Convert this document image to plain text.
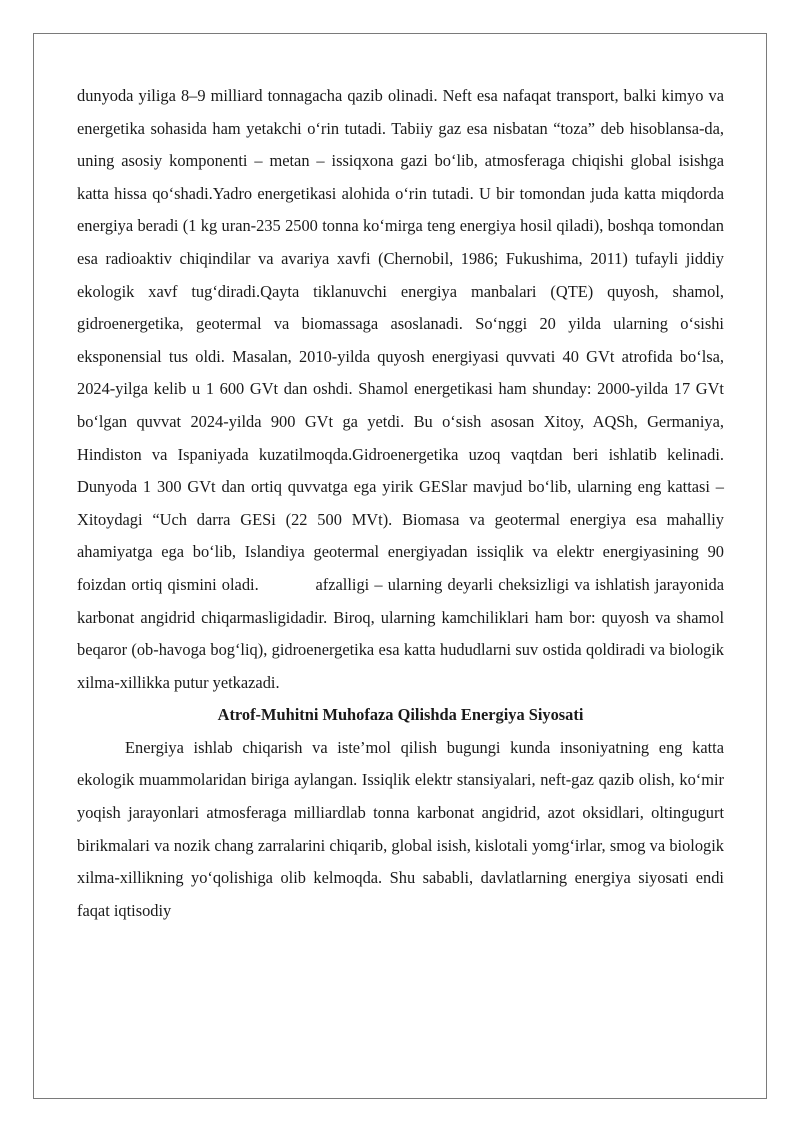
dunyoda yiliga 8–9 milliard tonnagacha qazib olinadi. Neft esa nafaqat transport, balki kimyo va energetika sohasida ham yetakchi o‘rin tutadi. Tabiiy gaz esa nisbatan “toza” deb hisoblansa-da, uning asosiy komponenti – metan – issiqxona gazi bo‘lib, atmosferaga chiqishi global isishga katta hissa qo‘shadi.Yadro energetikasi alohida o‘rin tutadi. U bir tomondan juda katta miqdorda energiya beradi (1 kg uran-235 2500 tonna ko‘mirga teng energiya hosil qiladi), boshqa tomondan esa radioaktiv chiqindilar va avariya xavfi (Chernobil, 1986; Fukushima, 2011) tufayli jiddiy ekologik xavf tug‘diradi.Qayta tiklanuvchi energiya manbalari (QTE) quyosh, shamol, gidroenergetika, geotermal va biomassaga asoslanadi. So‘nggi 20 yilda ularning o‘sishi eksponensial tus oldi. Masalan, 2010-yilda quyosh energiyasi quvvati 40 GVt atrofida bo‘lsa, 2024-yilga kelib u 1 600 GVt dan oshdi. Shamol energetikasi ham shunday: 2000-yilda 17 GVt bo‘lgan quvvat 2024-yilda 900 GVt ga yetdi. Bu o‘sish asosan Xitoy, AQSh, Germaniya, Hindiston va Ispaniyada kuzatilmoqda.Gidroenergetika uzoq vaqtdan beri ishlatib kelinadi. Dunyoda 1 300 GVt dan ortiq quvvatga ega yirik GESlar mavjud bo‘lib, ularning eng kattasi – Xitoydagi “Uch darra GESi (22 500 MVt). Biomasa va geotermal energiya esa mahalliy ahamiyatga ega bo‘lib, Islandiya geotermal energiyadan issiqlik va elektr energiyasining 90 foizdan ortiq qismini oladi.           afzalligi – ularning deyarli cheksizligi va ishlatish jarayonida karbonat angidrid chiqarmasligidadir. Biroq, ularning kamchiliklari ham bor: quyosh va shamol beqaror (ob-havoga bog‘liq), gidroenergetika esa katta hududlarni suv ostida qoldiradi va biologik xilma-xillikka putur yetkazadi.

Atrof-Muhitni Muhofaza Qilishda Energiya Siyosati

Energiya ishlab chiqarish va iste’mol qilish bugungi kunda insoniyatning eng katta ekologik muammolaridan biriga aylangan. Issiqlik elektr stansiyalari, neft-gaz qazib olish, ko‘mir yoqish jarayonlari atmosferaga milliardlab tonna karbonat angidrid, azot oksidlari, oltingugurt birikmalari va nozik chang zarralarini chiqarib, global isish, kislotali yomg‘irlar, smog va biologik xilma-xillikning yo‘qolishiga olib kelmoqda. Shu sababli, davlatlarning energiya siyosati endi faqat iqtisodiy
